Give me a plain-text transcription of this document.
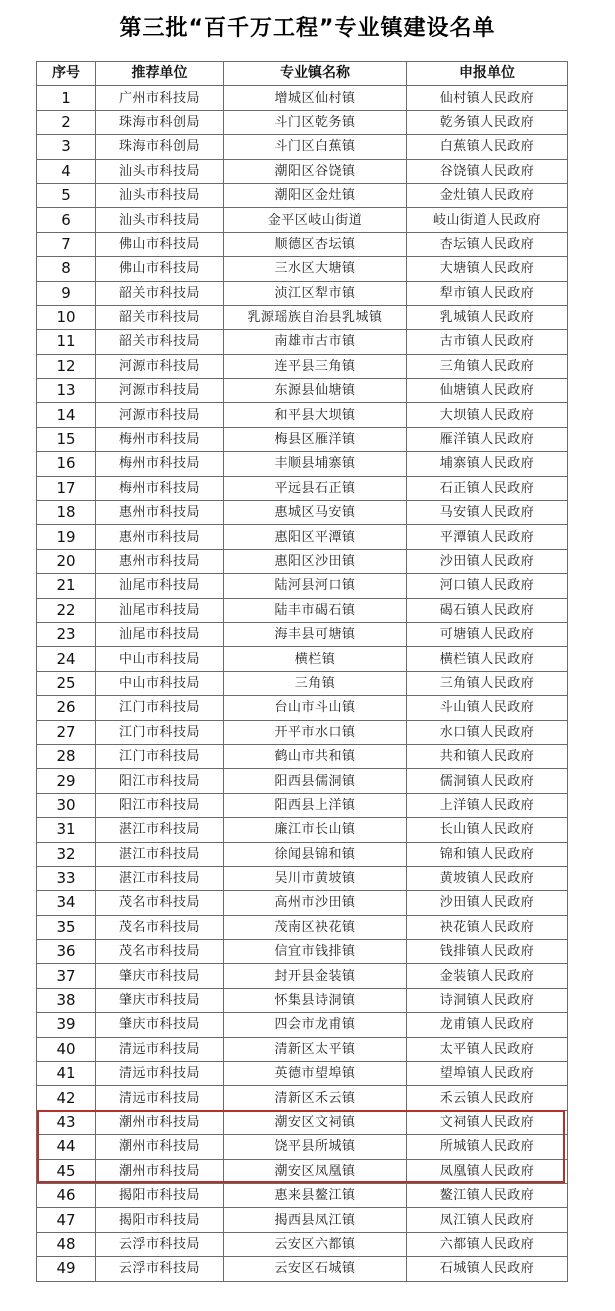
第三批“百千万工程”专业镇建设名单
序号	推荐单位	专业镇名称	申报单位
1	广州市科技局	增城区仙村镇	仙村镇人民政府
2	珠海市科创局	斗门区乾务镇	乾务镇人民政府
3	珠海市科创局	斗门区白蕉镇	白蕉镇人民政府
4	汕头市科技局	潮阳区谷饶镇	谷饶镇人民政府
5	汕头市科技局	潮阳区金灶镇	金灶镇人民政府
6	汕头市科技局	金平区岐山街道	岐山街道人民政府
7	佛山市科技局	顺德区杏坛镇	杏坛镇人民政府
8	佛山市科技局	三水区大塘镇	大塘镇人民政府
9	韶关市科技局	浈江区犁市镇	犁市镇人民政府
10	韶关市科技局	乳源瑶族自治县乳城镇	乳城镇人民政府
11	韶关市科技局	南雄市古市镇	古市镇人民政府
12	河源市科技局	连平县三角镇	三角镇人民政府
13	河源市科技局	东源县仙塘镇	仙塘镇人民政府
14	河源市科技局	和平县大坝镇	大坝镇人民政府
15	梅州市科技局	梅县区雁洋镇	雁洋镇人民政府
16	梅州市科技局	丰顺县埔寨镇	埔寨镇人民政府
17	梅州市科技局	平远县石正镇	石正镇人民政府
18	惠州市科技局	惠城区马安镇	马安镇人民政府
19	惠州市科技局	惠阳区平潭镇	平潭镇人民政府
20	惠州市科技局	惠阳区沙田镇	沙田镇人民政府
21	汕尾市科技局	陆河县河口镇	河口镇人民政府
22	汕尾市科技局	陆丰市碣石镇	碣石镇人民政府
23	汕尾市科技局	海丰县可塘镇	可塘镇人民政府
24	中山市科技局	横栏镇	横栏镇人民政府
25	中山市科技局	三角镇	三角镇人民政府
26	江门市科技局	台山市斗山镇	斗山镇人民政府
27	江门市科技局	开平市水口镇	水口镇人民政府
28	江门市科技局	鹤山市共和镇	共和镇人民政府
29	阳江市科技局	阳西县儒洞镇	儒洞镇人民政府
30	阳江市科技局	阳西县上洋镇	上洋镇人民政府
31	湛江市科技局	廉江市长山镇	长山镇人民政府
32	湛江市科技局	徐闻县锦和镇	锦和镇人民政府
33	湛江市科技局	吴川市黄坡镇	黄坡镇人民政府
34	茂名市科技局	高州市沙田镇	沙田镇人民政府
35	茂名市科技局	茂南区袂花镇	袂花镇人民政府
36	茂名市科技局	信宜市钱排镇	钱排镇人民政府
37	肇庆市科技局	封开县金装镇	金装镇人民政府
38	肇庆市科技局	怀集县诗洞镇	诗洞镇人民政府
39	肇庆市科技局	四会市龙甫镇	龙甫镇人民政府
40	清远市科技局	清新区太平镇	太平镇人民政府
41	清远市科技局	英德市望埠镇	望埠镇人民政府
42	清远市科技局	清新区禾云镇	禾云镇人民政府
43	潮州市科技局	潮安区文祠镇	文祠镇人民政府
44	潮州市科技局	饶平县所城镇	所城镇人民政府
45	潮州市科技局	潮安区凤凰镇	凤凰镇人民政府
46	揭阳市科技局	惠来县鳌江镇	鳌江镇人民政府
47	揭阳市科技局	揭西县凤江镇	凤江镇人民政府
48	云浮市科技局	云安区六都镇	六都镇人民政府
49	云浮市科技局	云安区石城镇	石城镇人民政府
